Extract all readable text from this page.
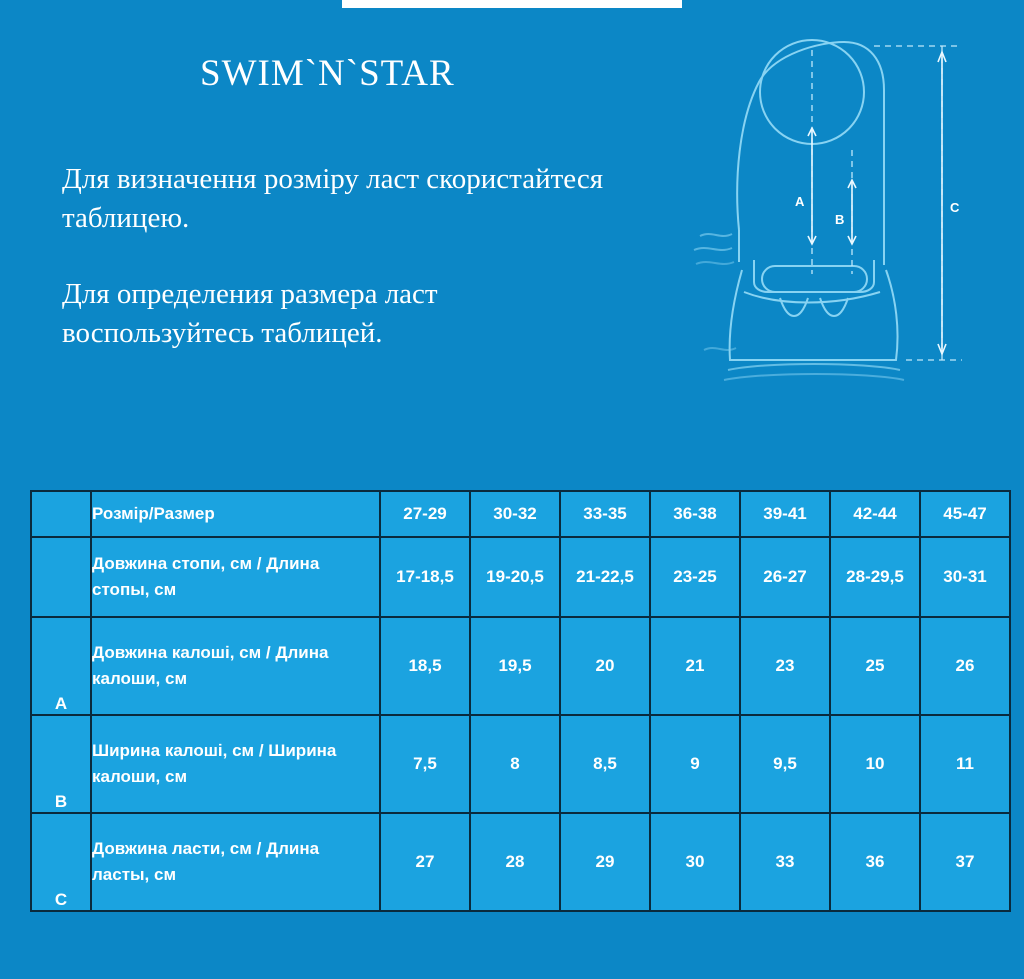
SWIM`N`STAR

Для визначення розміру ласт скористайтеся таблицею.

Для определения размера ласт воспользуйтесь таблицей.

A
B
C
	Розмір/Размер	27-29	30-32	33-35	36-38	39-41	42-44	45-47
	Довжина стопи, см / Длина стопы, см	17-18,5	19-20,5	21-22,5	23-25	26-27	28-29,5	30-31
A	Довжина калоші, см / Длина калоши, см	18,5	19,5	20	21	23	25	26
B	Ширина калоші, см / Ширина калоши, см	7,5	8	8,5	9	9,5	10	11
C	Довжина ласти, см / Длина ласты, см	27	28	29	30	33	36	37
